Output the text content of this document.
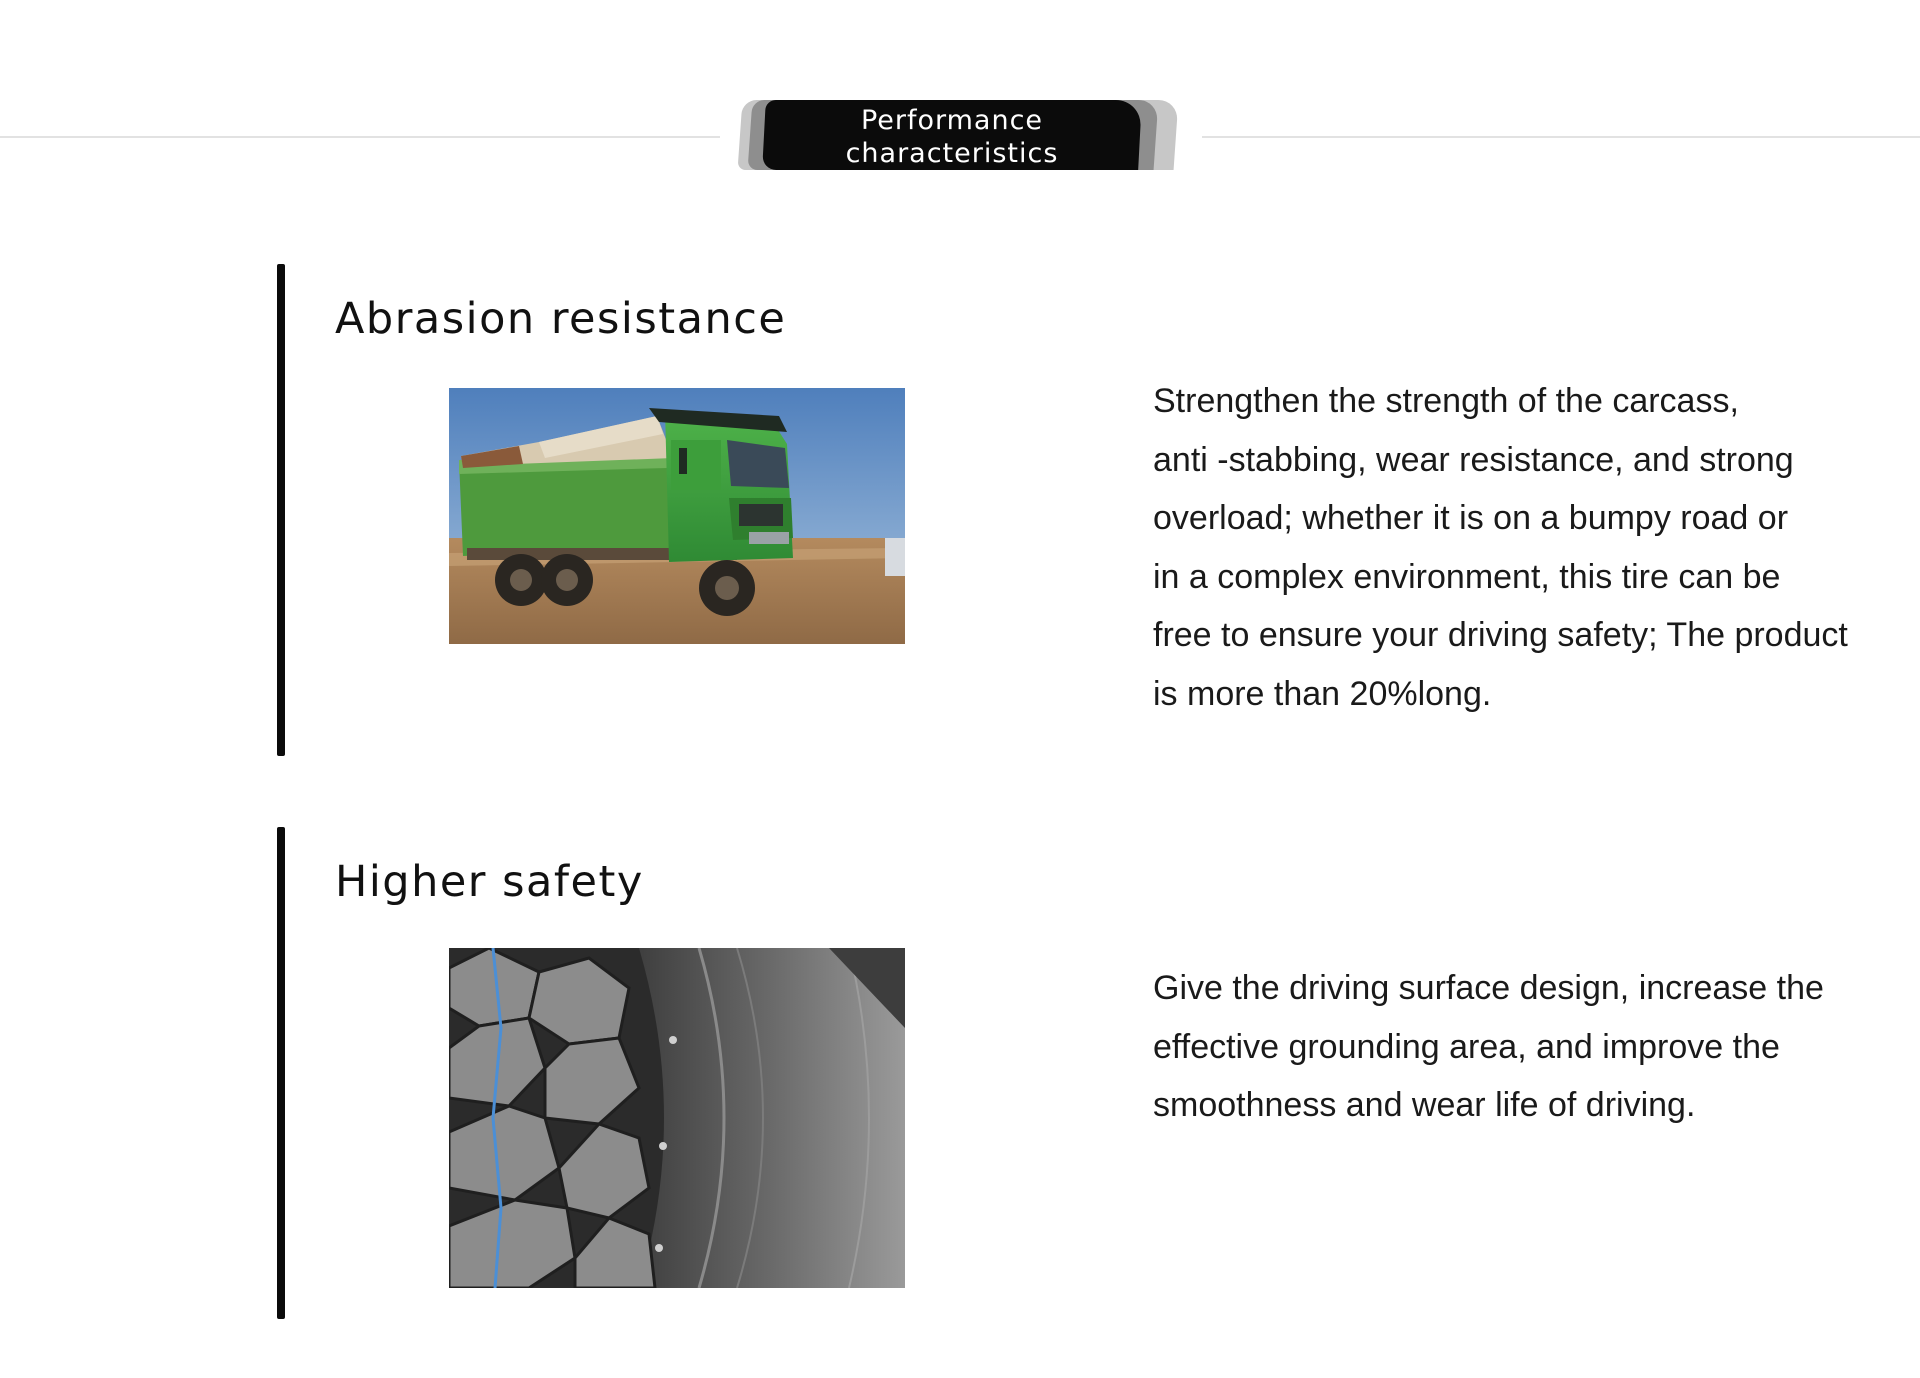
Performance
characteristics
Abrasion resistance
Strengthen the strength of the carcass,
anti -stabbing, wear resistance, and strong
overload; whether it is on a bumpy road or
in a complex environment, this tire can be
free to ensure your driving safety; The product
is more than 20%long.
Higher safety
Give the driving surface design, increase the
effective grounding area, and improve the
smoothness and wear life of driving.
